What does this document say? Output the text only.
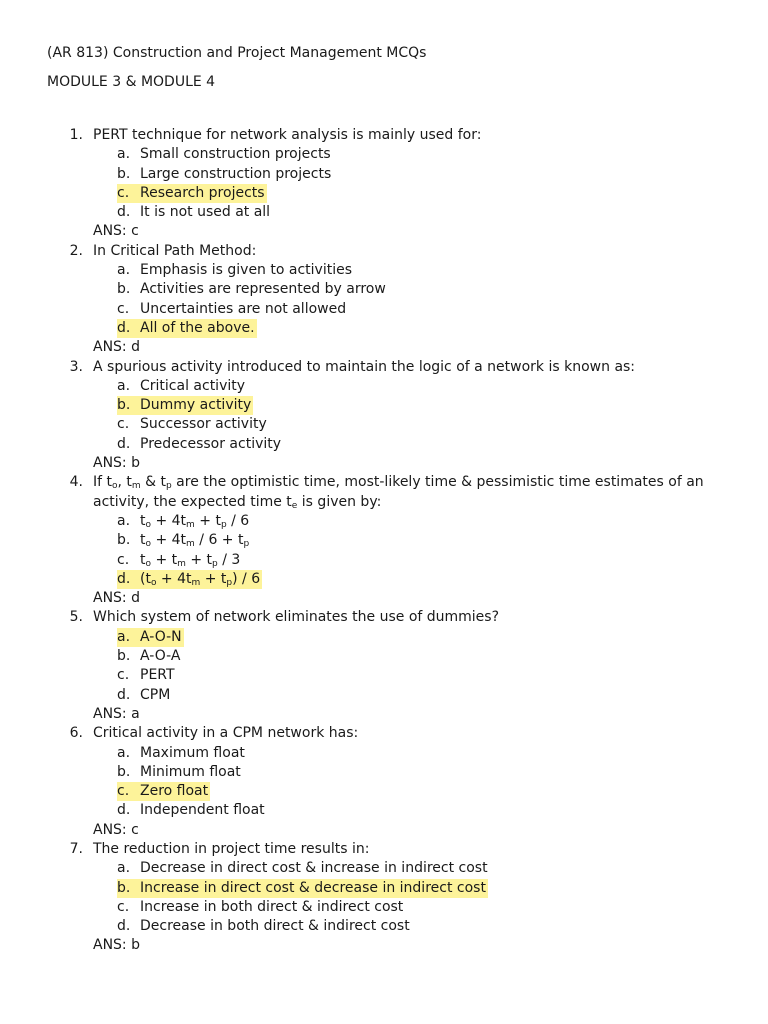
(AR 813) Construction and Project Management MCQs
MODULE 3 & MODULE 4
1. PERT technique for network analysis is mainly used for:
a. Small construction projects
b. Large construction projects
c. Research projects
d. It is not used at all
ANS: c
2. In Critical Path Method:
a. Emphasis is given to activities
b. Activities are represented by arrow
c. Uncertainties are not allowed
d. All of the above.
ANS: d
3. A spurious activity introduced to maintain the logic of a network is known as:
a. Critical activity
b. Dummy activity
c. Successor activity
d. Predecessor activity
ANS: b
4. If $t_o$, $t_m$ & $t_p$ are the optimistic time, most-likely time & pessimistic time estimates of an activity, the expected time $t_e$ is given by:
a. $t_o + 4t_m + t_p / 6$
b. $t_o + 4t_m / 6 + t_p$
c. $t_o + t_m + t_p / 3$
d. $(t_o + 4t_m + t_p) / 6$
ANS: d
5. Which system of network eliminates the use of dummies?
a. A-O-N
b. A-O-A
c. PERT
d. CPM
ANS: a
6. Critical activity in a CPM network has:
a. Maximum float
b. Minimum float
c. Zero float
d. Independent float
ANS: c
7. The reduction in project time results in:
a. Decrease in direct cost & increase in indirect cost
b. Increase in direct cost & decrease in indirect cost
c. Increase in both direct & indirect cost
d. Decrease in both direct & indirect cost
ANS: b
